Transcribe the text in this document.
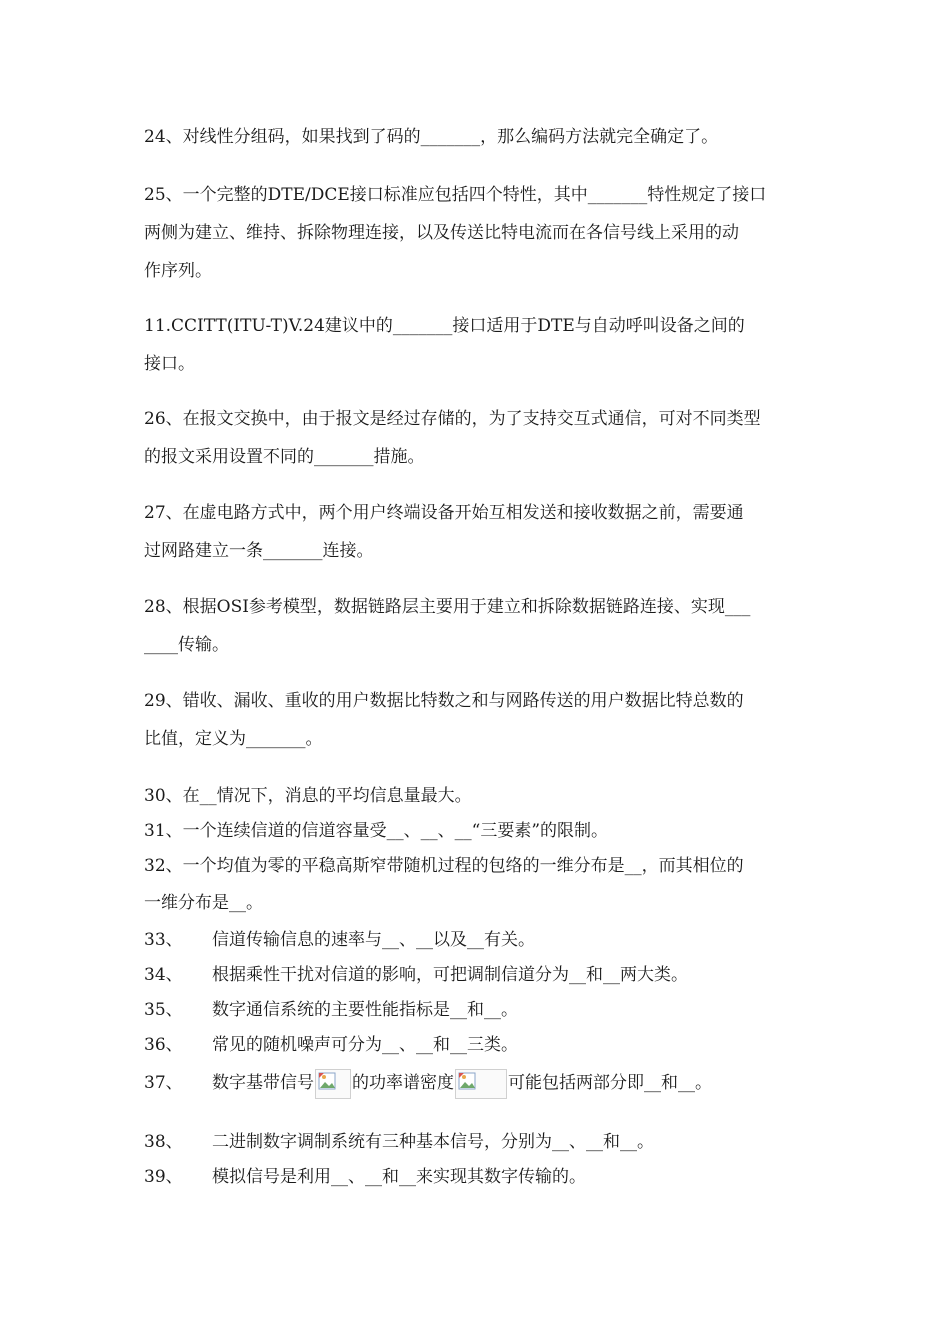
24、对线性分组码，如果找到了码的_______，那么编码方法就完全确定了。
25、一个完整的DTE/DCE接口标准应包括四个特性，其中_______特性规定了接口
两侧为建立、维持、拆除物理连接，以及传送比特电流而在各信号线上采用的动
作序列。
11.CCITT(ITU-T)V.24建议中的_______接口适用于DTE与自动呼叫设备之间的
接口。
26、在报文交换中，由于报文是经过存储的，为了支持交互式通信，可对不同类型
的报文采用设置不同的_______措施。
27、在虚电路方式中，两个用户终端设备开始互相发送和接收数据之前，需要通
过网路建立一条_______连接。
28、根据OSI参考模型，数据链路层主要用于建立和拆除数据链路连接、实现___
____传输。
29、错收、漏收、重收的用户数据比特数之和与网路传送的用户数据比特总数的
比值，定义为_______。
30、在__情况下，消息的平均信息量最大。
31、一个连续信道的信道容量受__、__、__“三要素”的限制。
32、一个均值为零的平稳高斯窄带随机过程的包络的一维分布是__，而其相位的
一维分布是__。
33、 信道传输信息的速率与__、__以及__有关。
34、 根据乘性干扰对信道的影响，可把调制信道分为__和__两大类。
35、 数字通信系统的主要性能指标是__和__。
36、 常见的随机噪声可分为__、__和__三类。
37、 数字基带信号 的功率谱密度	可能包括两部分即__和__。
38、 二进制数字调制系统有三种基本信号，分别为__、__和__。
39、 模拟信号是利用__、__和__来实现其数字传输的。
